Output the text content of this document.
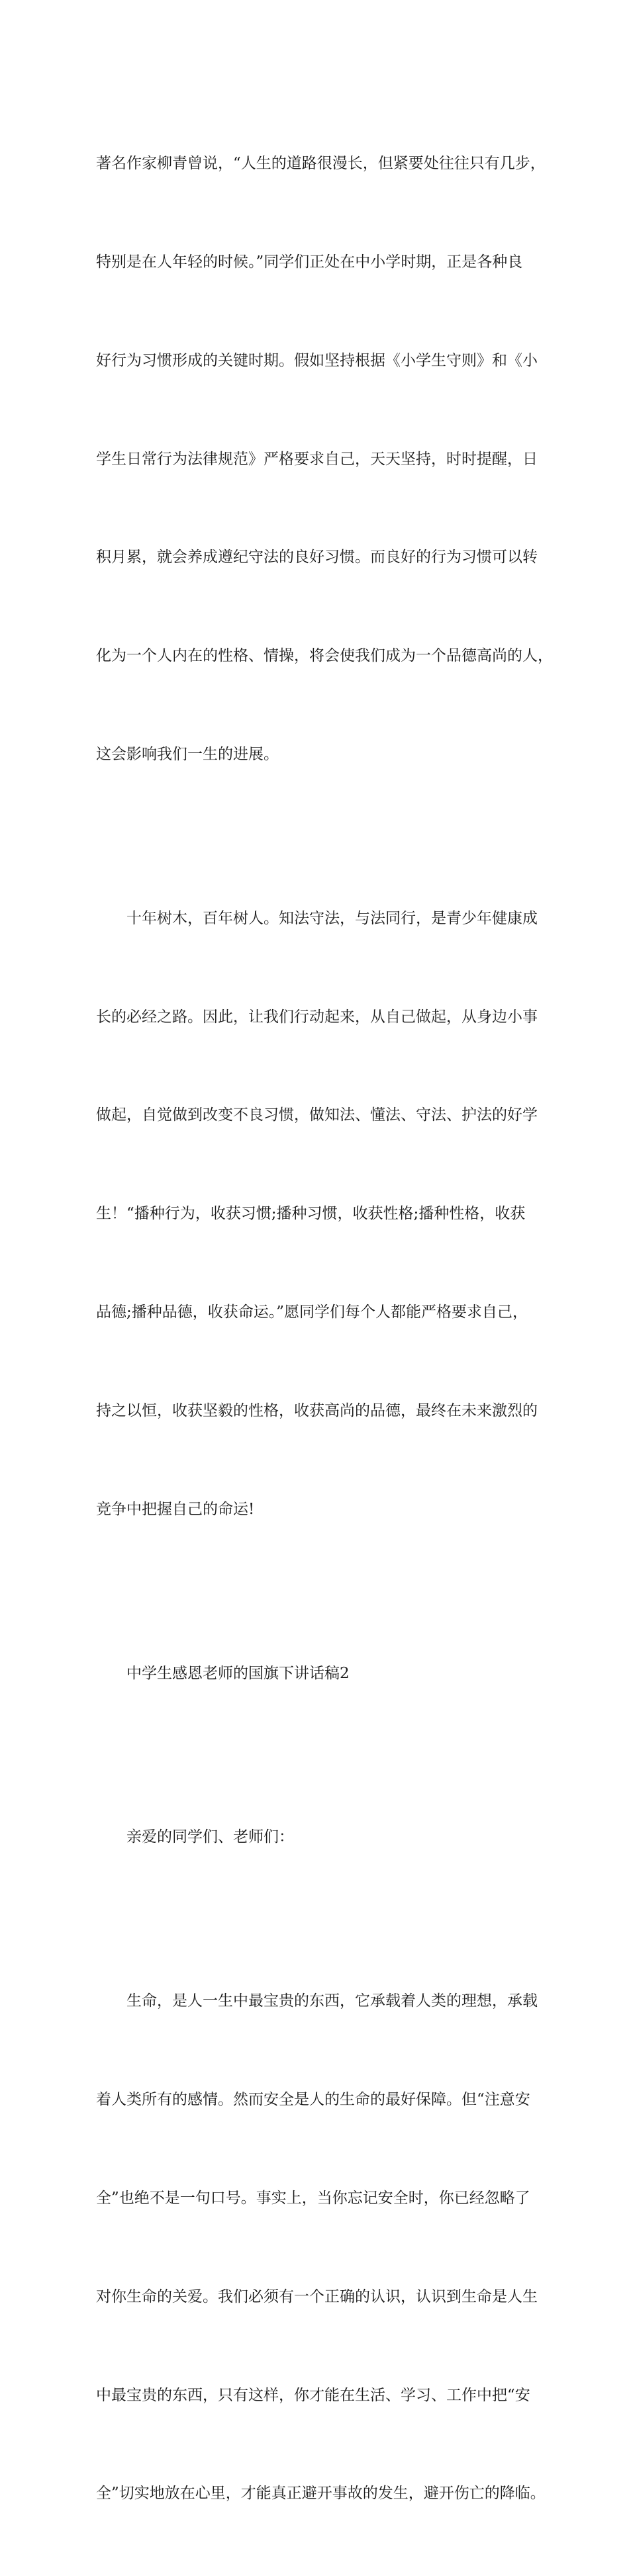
著名作家柳青曾说，“人生的道路很漫长，但紧要处往往只有几步，

特别是在人年轻的时候。”同学们正处在中小学时期，正是各种良

好行为习惯形成的关键时期。假如坚持根据《小学生守则》和《小

学生日常行为法律规范》严格要求自己，天天坚持，时时提醒，日

积月累，就会养成遵纪守法的良好习惯。而良好的行为习惯可以转

化为一个人内在的性格、情操，将会使我们成为一个品德高尚的人，

这会影响我们一生的进展。

十年树木，百年树人。知法守法，与法同行，是青少年健康成

长的必经之路。因此，让我们行动起来，从自己做起，从身边小事

做起，自觉做到改变不良习惯，做知法、懂法、守法、护法的好学

生！“播种行为，收获习惯;播种习惯，收获性格;播种性格，收获

品德;播种品德，收获命运。”愿同学们每个人都能严格要求自己，

持之以恒，收获坚毅的性格，收获高尚的品德，最终在未来激烈的

竞争中把握自己的命运!

中学生感恩老师的国旗下讲话稿2

亲爱的同学们、老师们：

生命，是人一生中最宝贵的东西，它承载着人类的理想，承载

着人类所有的感情。然而安全是人的生命的最好保障。但“注意安

全”也绝不是一句口号。事实上，当你忘记安全时，你已经忽略了

对你生命的关爱。我们必须有一个正确的认识，认识到生命是人生

中最宝贵的东西，只有这样，你才能在生活、学习、工作中把“安

全”切实地放在心里，才能真正避开事故的发生，避开伤亡的降临。
